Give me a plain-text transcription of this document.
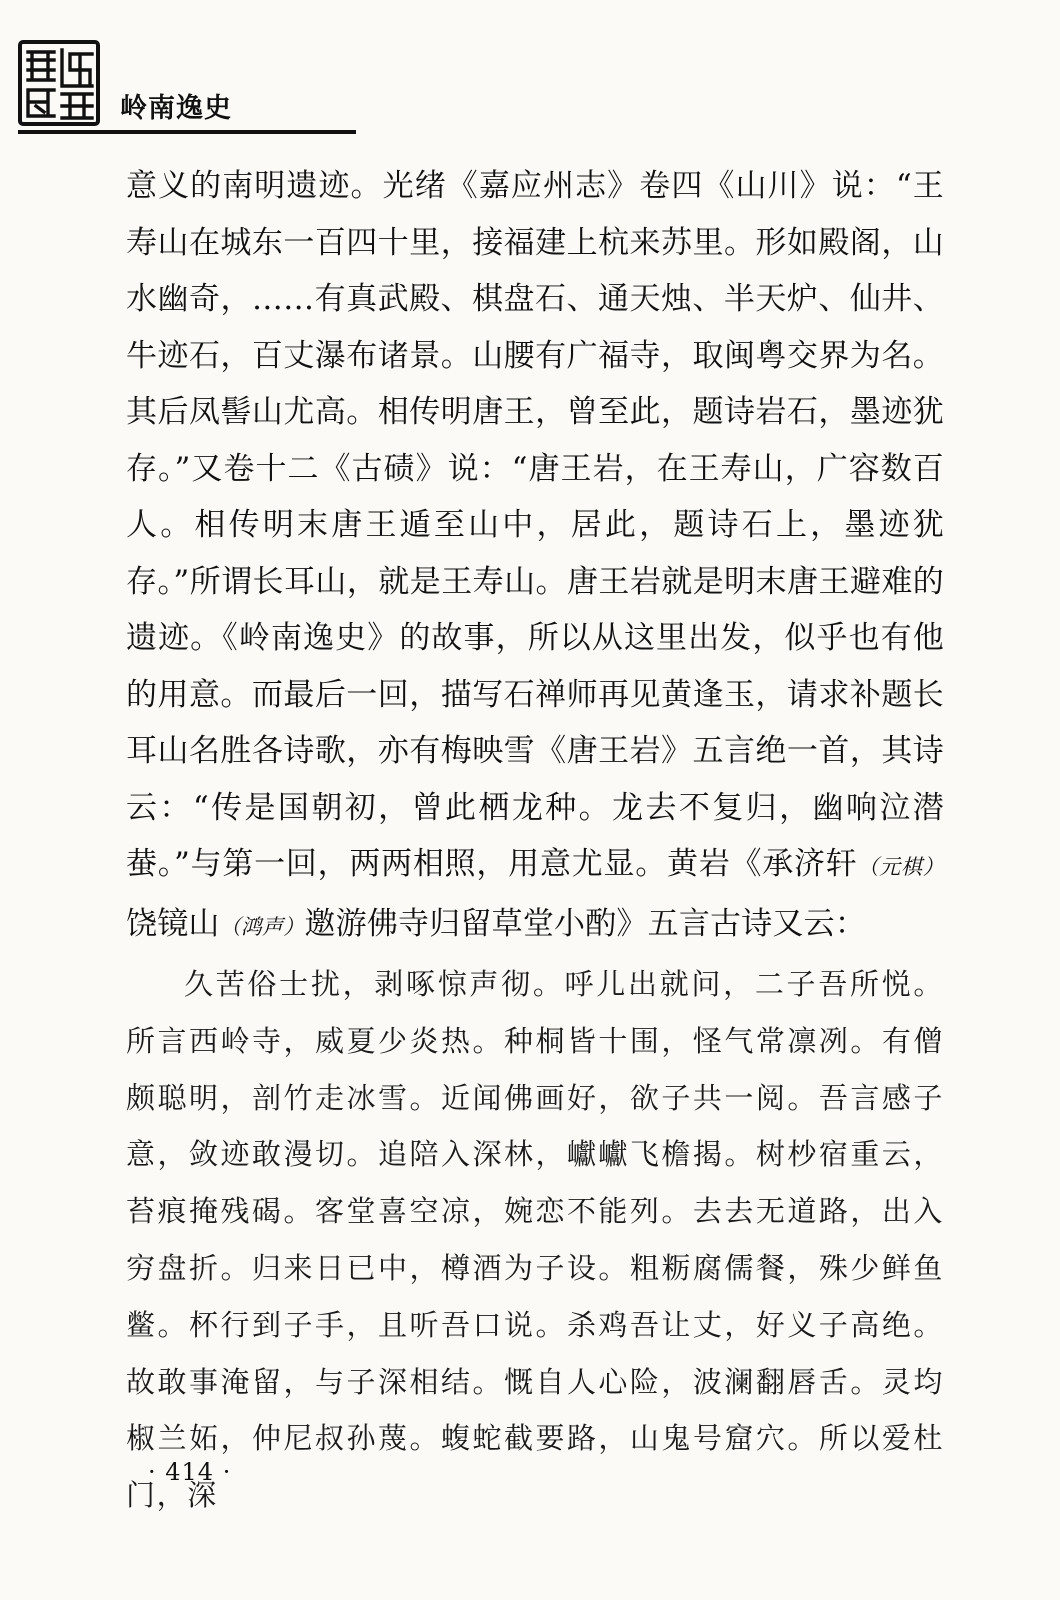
岭南逸史

意义的南明遗迹。光绪《嘉应州志》卷四《山川》说：“王寿山在城东一百四十里，接福建上杭来苏里。形如殿阁，山水幽奇，……有真武殿、棋盘石、通天烛、半天炉、仙井、牛迹石，百丈瀑布诸景。山腰有广福寺，取闽粤交界为名。其后凤髻山尤高。相传明唐王，曾至此，题诗岩石，墨迹犹存。”又卷十二《古碛》说：“唐王岩，在王寿山，广容数百人。相传明末唐王遁至山中，居此，题诗石上，墨迹犹存。”所谓长耳山，就是王寿山。唐王岩就是明末唐王避难的遗迹。《岭南逸史》的故事，所以从这里出发，似乎也有他的用意。而最后一回，描写石禅师再见黄逢玉，请求补题长耳山名胜各诗歌，亦有梅映雪《唐王岩》五言绝一首，其诗云：“传是国朝初，曾此栖龙种。龙去不复归，幽响泣潜蛬。”与第一回，两两相照，用意尤显。黄岩《承济轩（元棋）饶镜山（鸿声）邀游佛寺归留草堂小酌》五言古诗又云：

久苦俗士扰，剥啄惊声彻。呼儿出就问，二子吾所悦。所言西岭寺，威夏少炎热。种桐皆十围，怪气常凛冽。有僧颇聪明，剖竹走冰雪。近闻佛画好，欲子共一阅。吾言感子意，敛迹敢漫切。追陪入深林，巘巘飞檐揭。树杪宿重云，苔痕掩残碣。客堂喜空凉，婉恋不能列。去去无道路，出入穷盘折。归来日已中，樽酒为子设。粗粝腐儒餐，殊少鲜鱼鳖。杯行到子手，且听吾口说。杀鸡吾让丈，好义子高绝。故敢事淹留，与子深相结。慨自人心险，波澜翻唇舌。灵均椒兰妬，仲尼叔孙蔑。蝮蛇截要路，山鬼号窟穴。所以爱杜门，深

· 414 ·
